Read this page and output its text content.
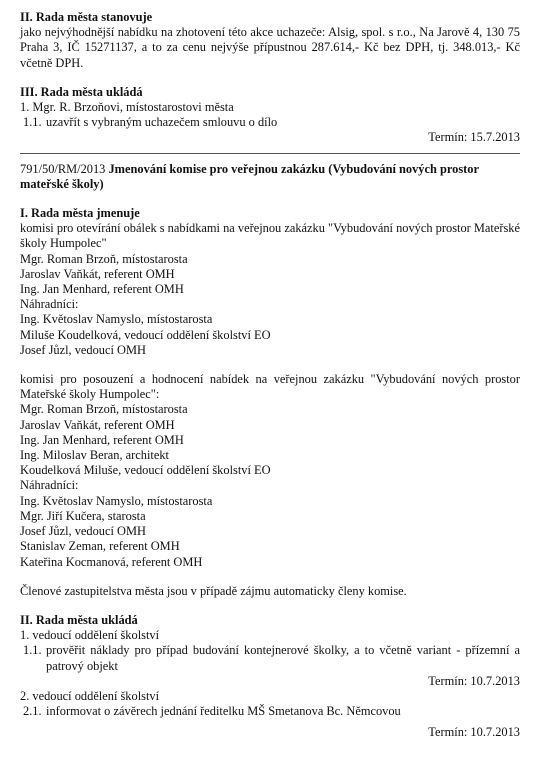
II. Rada města stanovuje

jako nejvýhodnější nabídku na zhotovení této akce uchazeče: Alsig, spol. s r.o., Na Jarově 4, 130 75 Praha 3, IČ 15271137, a to za cenu nejvýše přípustnou 287.614,- Kč bez DPH, tj. 348.013,- Kč včetně DPH.

III. Rada města ukládá

1.
Mgr. R. Brzoňovi, místostarostovi města
1.1. uzavřít s vybraným uchazečem smlouvu o dílo

Termín: 15.7.2013

791/50/RM/2013 Jmenování komise pro veřejnou zakázku (Vybudování nových prostor mateřské školy)

I. Rada města jmenuje

komisi pro otevírání obálek s nabídkami na veřejnou zakázku "Vybudování nových prostor Mateřské školy Humpolec"

Mgr. Roman Brzoň, místostarosta

Jaroslav Vaňkát, referent OMH

Ing. Jan Menhard, referent OMH

Náhradníci:

Ing. Květoslav Namyslo, místostarosta

Miluše Koudelková, vedoucí oddělení školství EO

Josef Jůzl, vedoucí OMH

komisi pro posouzení a hodnocení nabídek na veřejnou zakázku "Vybudování nových prostor Mateřské školy Humpolec":

Mgr. Roman Brzoň, místostarosta

Jaroslav Vaňkát, referent OMH

Ing. Jan Menhard, referent OMH

Ing. Miloslav Beran, architekt

Koudelková Miluše, vedoucí oddělení školství EO

Náhradníci:

Ing. Květoslav Namyslo, místostarosta

Mgr. Jiří Kučera, starosta

Josef Jůzl, vedoucí OMH

Stanislav Zeman, referent OMH

Kateřina Kocmanová, referent OMH

Členové zastupitelstva města jsou v případě zájmu automaticky členy komise.

II. Rada města ukládá

1.
vedoucí oddělení školství
1.1. prověřit náklady pro případ budování kontejnerové školky, a to včetně variant - přízemní a patrový objekt

Termín: 10.7.2013

2.
vedoucí oddělení školství
2.1. informovat o závěrech jednání ředitelku MŠ Smetanova Bc. Němcovou

Termín: 10.7.2013
